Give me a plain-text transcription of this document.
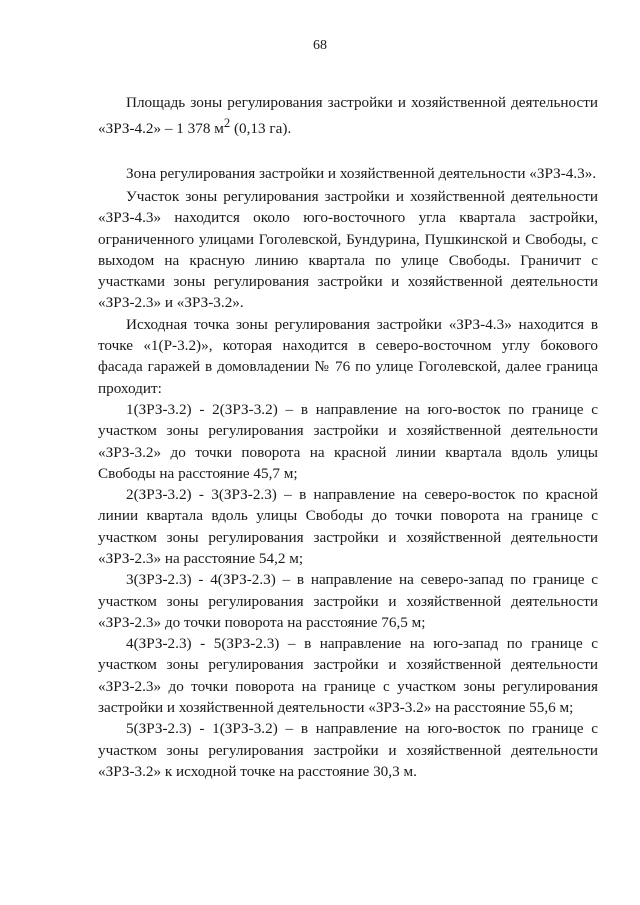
68

Площадь зоны регулирования застройки и хозяйственной деятельности «ЗРЗ-4.2» – 1 378 $м^2$ (0,13 га).

Зона регулирования застройки и хозяйственной деятельности «ЗРЗ-4.3».

Участок зоны регулирования застройки и хозяйственной деятельности «ЗРЗ-4.3» находится около юго-восточного угла квартала застройки, ограниченного улицами Гоголевской, Бундурина, Пушкинской и Свободы, с выходом на красную линию квартала по улице Свободы. Граничит с участками зоны регулирования застройки и хозяйственной деятельности «ЗРЗ-2.3» и «ЗРЗ-3.2».

Исходная точка зоны регулирования застройки «ЗРЗ-4.3» находится в точке «1(Р-3.2)», которая находится в северо-восточном углу бокового фасада гаражей в домовладении № 76 по улице Гоголевской, далее граница проходит:

1(ЗРЗ-3.2) - 2(ЗРЗ-3.2) – в направление на юго-восток по границе с участком зоны регулирования застройки и хозяйственной деятельности «ЗРЗ-3.2» до точки поворота на красной линии квартала вдоль улицы Свободы на расстояние 45,7 м;

2(ЗРЗ-3.2) - 3(ЗРЗ-2.3) – в направление на северо-восток по красной линии квартала вдоль улицы Свободы до точки поворота на границе с участком зоны регулирования застройки и хозяйственной деятельности «ЗРЗ-2.3» на расстояние 54,2 м;

3(ЗРЗ-2.3) - 4(ЗРЗ-2.3) – в направление на северо-запад по границе с участком зоны регулирования застройки и хозяйственной деятельности «ЗРЗ-2.3» до точки поворота на расстояние 76,5 м;

4(ЗРЗ-2.3) - 5(ЗРЗ-2.3) – в направление на юго-запад по границе с участком зоны регулирования застройки и хозяйственной деятельности «ЗРЗ-2.3» до точки поворота на границе с участком зоны регулирования застройки и хозяйственной деятельности «ЗРЗ-3.2» на расстояние 55,6 м;

5(ЗРЗ-2.3) - 1(ЗРЗ-3.2) – в направление на юго-восток по границе с участком зоны регулирования застройки и хозяйственной деятельности «ЗРЗ-3.2» к исходной точке на расстояние 30,3 м.
